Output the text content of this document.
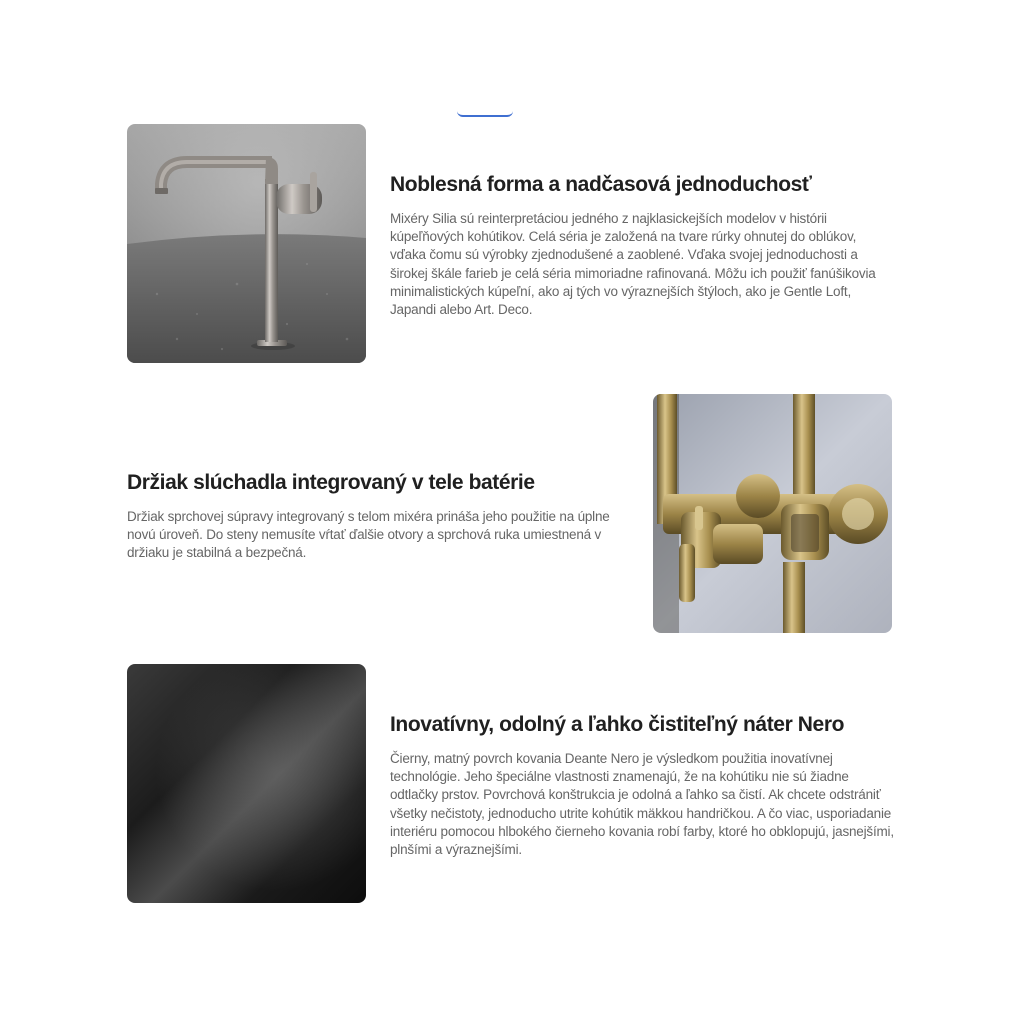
Noblesná forma a nadčasová jednoduchosť

Mixéry Silia sú reinterpretáciou jedného z najklasickejších modelov v histórii kúpeľňových kohútikov. Celá séria je založená na tvare rúrky ohnutej do oblúkov, vďaka čomu sú výrobky zjednodušené a zaoblené. Vďaka svojej jednoduchosti a širokej škále farieb je celá séria mimoriadne rafinovaná. Môžu ich použiť fanúšikovia minimalistických kúpeľní, ako aj tých vo výraznejších štýloch, ako je Gentle Loft, Japandi alebo Art. Deco.

Držiak slúchadla integrovaný v tele batérie

Držiak sprchovej súpravy integrovaný s telom mixéra prináša jeho použitie na úplne novú úroveň. Do steny nemusíte vŕtať ďalšie otvory a sprchová ruka umiestnená v držiaku je stabilná a bezpečná.

Inovatívny, odolný a ľahko čistiteľný náter Nero

Čierny, matný povrch kovania Deante Nero je výsledkom použitia inovatívnej technológie. Jeho špeciálne vlastnosti znamenajú, že na kohútiku nie sú žiadne odtlačky prstov. Povrchová konštrukcia je odolná a ľahko sa čistí. Ak chcete odstrániť všetky nečistoty, jednoducho utrite kohútik mäkkou handričkou. A čo viac, usporiadanie interiéru pomocou hlbokého čierneho kovania robí farby, ktoré ho obklopujú, jasnejšími, plnšími a výraznejšími.
